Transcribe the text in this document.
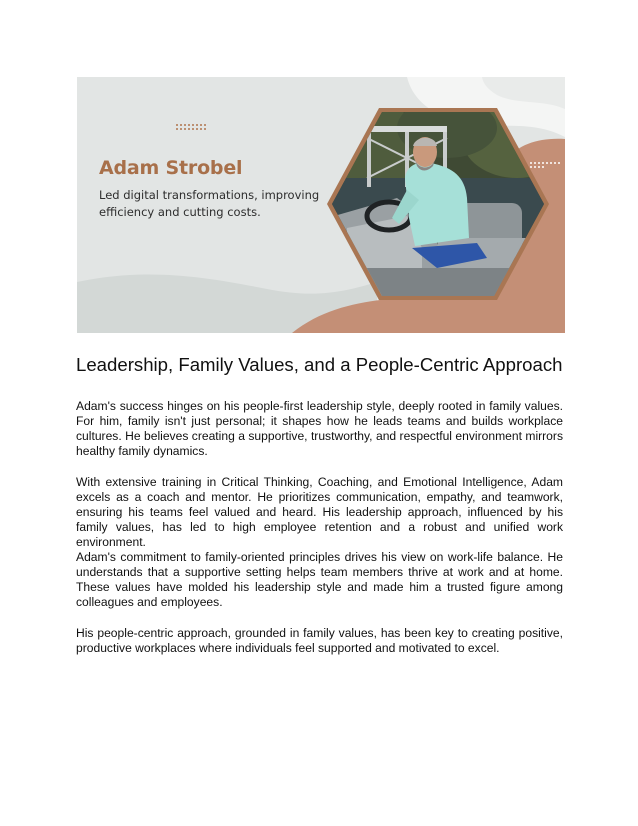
Adam Strobel

Led digital transformations, improving efficiency and cutting costs.

Leadership, Family Values, and a People-Centric Approach

Adam's success hinges on his people-first leadership style, deeply rooted in family values. For him, family isn't just personal; it shapes how he leads teams and builds workplace cultures. He believes creating a supportive, trustworthy, and respectful environment mirrors healthy family dynamics.

With extensive training in Critical Thinking, Coaching, and Emotional Intelligence, Adam excels as a coach and mentor. He prioritizes communication, empathy, and teamwork, ensuring his teams feel valued and heard. His leadership approach, influenced by his family values, has led to high employee retention and a robust and unified work environment.

Adam's commitment to family-oriented principles drives his view on work-life balance. He understands that a supportive setting helps team members thrive at work and at home. These values have molded his leadership style and made him a trusted figure among colleagues and employees.

His people-centric approach, grounded in family values, has been key to creating positive, productive workplaces where individuals feel supported and motivated to excel.
